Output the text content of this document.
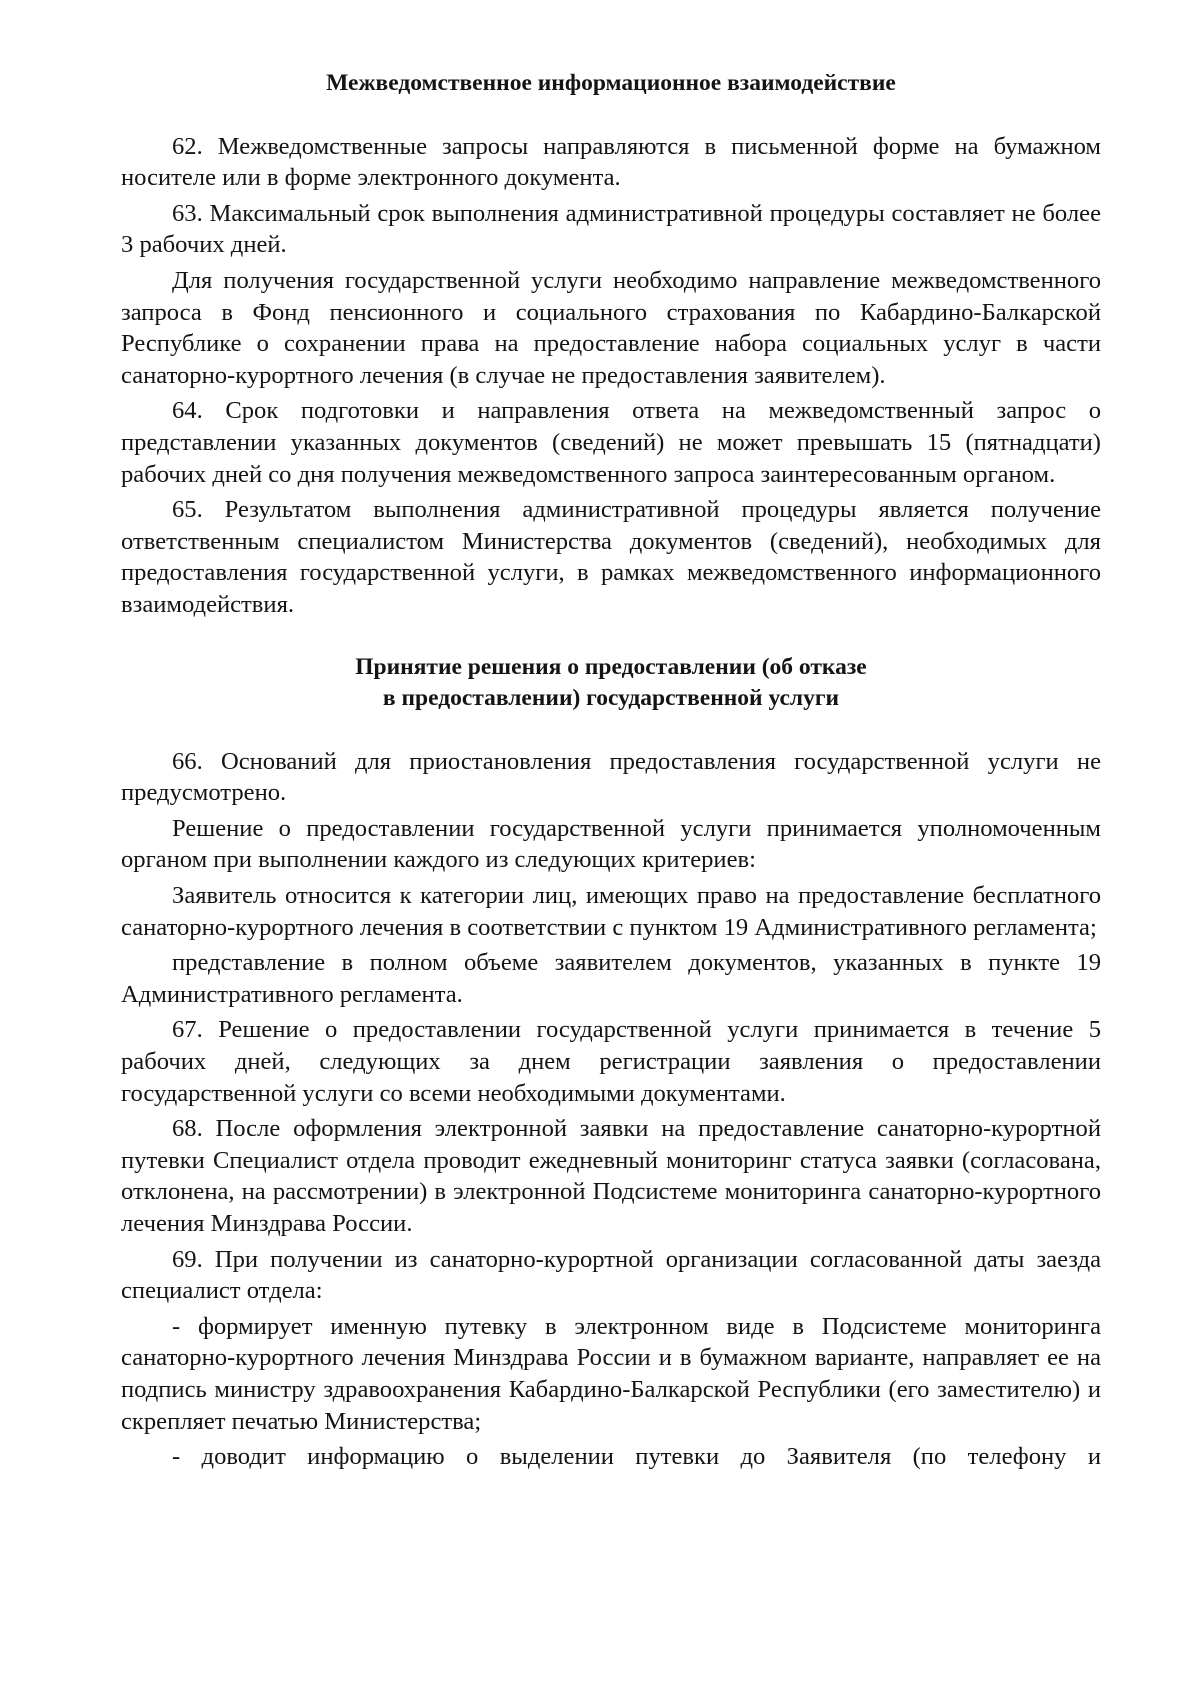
Межведомственное информационное взаимодействие

62. Межведомственные запросы направляются в письменной форме на бумажном носителе или в форме электронного документа.

63. Максимальный срок выполнения административной процедуры составляет не более 3 рабочих дней.

Для получения государственной услуги необходимо направление межведомственного запроса в Фонд пенсионного и социального страхования по Кабардино-Балкарской Республике о сохранении права на предоставление набора социальных услуг в части санаторно-курортного лечения (в случае не предоставления заявителем).

64. Срок подготовки и направления ответа на межведомственный запрос о представлении указанных документов (сведений) не может превышать 15 (пятнадцати) рабочих дней со дня получения межведомственного запроса заинтересованным органом.

65. Результатом выполнения административной процедуры является получение ответственным специалистом Министерства документов (сведений), необходимых для предоставления государственной услуги, в рамках межведомственного информационного взаимодействия.

Принятие решения о предоставлении (об отказе
в предоставлении) государственной услуги

66. Оснований для приостановления предоставления государственной услуги не предусмотрено.

Решение о предоставлении государственной услуги принимается уполномоченным органом при выполнении каждого из следующих критериев:

Заявитель относится к категории лиц, имеющих право на предоставление бесплатного санаторно-курортного лечения в соответствии с пунктом 19 Административного регламента;

представление в полном объеме заявителем документов, указанных в пункте 19 Административного регламента.

67. Решение о предоставлении государственной услуги принимается в течение 5 рабочих дней, следующих за днем регистрации заявления о предоставлении государственной услуги со всеми необходимыми документами.

68. После оформления электронной заявки на предоставление санаторно-курортной путевки Специалист отдела проводит ежедневный мониторинг статуса заявки (согласована, отклонена, на рассмотрении) в электронной Подсистеме мониторинга санаторно-курортного лечения Минздрава России.

69. При получении из санаторно-курортной организации согласованной даты заезда специалист отдела:

- формирует именную путевку в электронном виде в Подсистеме мониторинга санаторно-курортного лечения Минздрава России и в бумажном варианте, направляет ее на подпись министру здравоохранения Кабардино-Балкарской Республики (его заместителю) и скрепляет печатью Министерства;

- доводит информацию о выделении путевки до Заявителя (по телефону и
